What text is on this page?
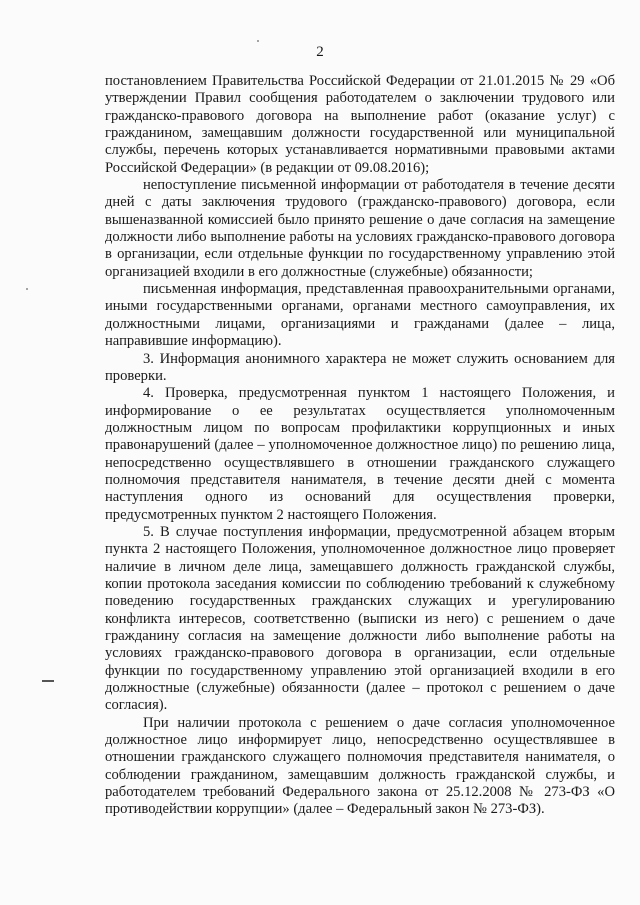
2

постановлением Правительства Российской Федерации от 21.01.2015 № 29 «Об утверждении Правил сообщения работодателем о заключении трудового или гражданско-правового договора на выполнение работ (оказание услуг) с гражданином, замещавшим должности государственной или муниципальной службы, перечень которых устанавливается нормативными правовыми актами Российской Федерации» (в редакции от 09.08.2016);

непоступление письменной информации от работодателя в течение десяти дней с даты заключения трудового (гражданско-правового) договора, если вышеназванной комиссией было принято решение о даче согласия на замещение должности либо выполнение работы на условиях гражданско-правового договора в организации, если отдельные функции по государственному управлению этой организацией входили в его должностные (служебные) обязанности;

письменная информация, представленная правоохранительными органами, иными государственными органами, органами местного самоуправления, их должностными лицами, организациями и гражданами (далее – лица, направившие информацию).

3. Информация анонимного характера не может служить основанием для проверки.

4. Проверка, предусмотренная пунктом 1 настоящего Положения, и информирование о ее результатах осуществляется уполномоченным должностным лицом по вопросам профилактики коррупционных и иных правонарушений (далее – уполномоченное должностное лицо) по решению лица, непосредственно осуществлявшего в отношении гражданского служащего полномочия представителя нанимателя, в течение десяти дней с момента наступления одного из оснований для осуществления проверки, предусмотренных пунктом 2 настоящего Положения.

5. В случае поступления информации, предусмотренной абзацем вторым пункта 2 настоящего Положения, уполномоченное должностное лицо проверяет наличие в личном деле лица, замещавшего должность гражданской службы, копии протокола заседания комиссии по соблюдению требований к служебному поведению государственных гражданских служащих и урегулированию конфликта интересов, соответственно (выписки из него) с решением о даче гражданину согласия на замещение должности либо выполнение работы на условиях гражданско-правового договора в организации, если отдельные функции по государственному управлению этой организацией входили в его должностные (служебные) обязанности (далее – протокол с решением о даче согласия).

При наличии протокола с решением о даче согласия уполномоченное должностное лицо информирует лицо, непосредственно осуществлявшее в отношении гражданского служащего полномочия представителя нанимателя, о соблюдении гражданином, замещавшим должность гражданской службы, и работодателем требований Федерального закона от 25.12.2008 № 273-ФЗ «О противодействии коррупции» (далее – Федеральный закон № 273-ФЗ).
